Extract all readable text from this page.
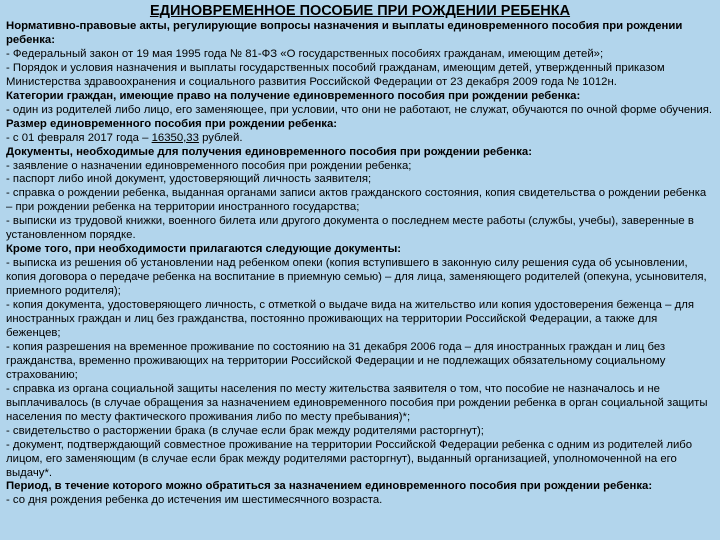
ЕДИНОВРЕМЕННОЕ ПОСОБИЕ ПРИ РОЖДЕНИИ РЕБЕНКА

Нормативно-правовые акты, регулирующие вопросы назначения и выплаты единовременного пособия при рождении ребенка:

- Федеральный закон от 19 мая 1995 года № 81-ФЗ «О государственных пособиях гражданам, имеющим детей»;

- Порядок и условия назначения и выплаты государственных пособий гражданам, имеющим детей, утвержденный приказом Министерства здравоохранения и социального развития Российской Федерации от 23 декабря 2009 года № 1012н.

Категории граждан, имеющие право на получение единовременного пособия при рождении ребенка:

- один из родителей либо лицо, его заменяющее, при условии, что они не работают, не служат, обучаются по очной форме обучения.

Размер единовременного пособия при рождении ребенка:

- с 01 февраля 2017 года – 16350,33 рублей.

Документы, необходимые для получения единовременного пособия при рождении ребенка:

- заявление о назначении единовременного пособия при рождении ребенка;

- паспорт либо иной документ, удостоверяющий личность заявителя;

- справка о рождении ребенка, выданная органами записи актов гражданского состояния, копия свидетельства о рождении ребенка – при рождении ребенка на территории иностранного государства;

- выписки из трудовой книжки, военного билета или другого документа о последнем месте работы (службы, учебы), заверенные в установленном порядке.

Кроме того, при необходимости прилагаются следующие документы:

- выписка из решения об установлении над ребенком опеки (копия вступившего в законную силу решения суда об усыновлении, копия договора о передаче ребенка на воспитание в приемную семью) – для лица, заменяющего родителей (опекуна, усыновителя, приемного родителя);

- копия документа, удостоверяющего личность, с отметкой о выдаче вида на жительство или копия удостоверения беженца – для иностранных граждан и лиц без гражданства, постоянно проживающих на территории Российской Федерации, а также для беженцев;

- копия разрешения на временное проживание по состоянию на 31 декабря 2006 года – для иностранных граждан и лиц без гражданства, временно проживающих на территории Российской Федерации и не подлежащих обязательному социальному страхованию;

- справка из органа социальной защиты населения по месту жительства заявителя о том, что пособие не назначалось и не выплачивалось (в случае обращения за назначением единовременного пособия при рождении ребенка в орган социальной защиты населения по месту фактического проживания либо по месту пребывания)*;

- свидетельство о расторжении брака (в случае если брак между родителями расторгнут);

- документ, подтверждающий совместное проживание на территории Российской Федерации ребенка с одним из родителей либо лицом, его заменяющим (в случае если брак между родителями расторгнут), выданный организацией, уполномоченной на его выдачу*.

Период, в течение которого можно обратиться за назначением единовременного пособия при рождении ребенка:

- со дня рождения ребенка до истечения им шестимесячного возраста.
